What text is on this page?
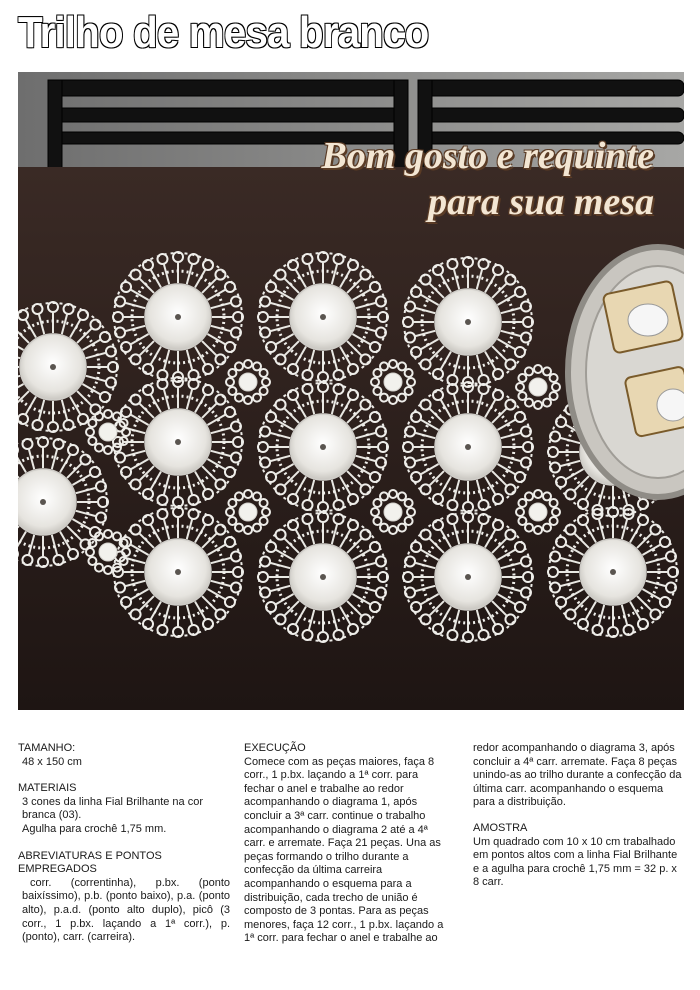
Trilho de mesa branco
Bom gosto e requinte
para sua mesa
TAMANHO:
48 x 150 cm
MATERIAIS
3 cones da linha Fial Brilhante na cor branca (03).
Agulha para crochê 1,75 mm.
ABREVIATURAS E PONTOS
EMPREGADOS
corr. (correntinha), p.bx. (ponto baixíssimo), p.b. (ponto baixo), p.a. (ponto alto), p.a.d. (ponto alto duplo), picô (3 corr., 1 p.bx. laçando a 1ª corr.), p. (ponto), carr. (carreira).
EXECUÇÃO
Comece com as peças maiores, faça 8 corr., 1 p.bx. laçando a 1ª corr. para fechar o anel e trabalhe ao redor acompanhando o diagrama 1, após concluir a 3ª carr. continue o trabalho acompanhando o diagrama 2 até a 4ª carr. e arremate. Faça 21 peças. Una as peças formando o trilho durante a confecção da última carreira acompanhando o esquema para a distribuição, cada trecho de união é composto de 3 pontas. Para as peças menores, faça 12 corr., 1 p.bx. laçando a 1ª corr. para fechar o anel e trabalhe ao
redor acompanhando o diagrama 3, após concluir a 4ª carr. arremate. Faça 8 peças unindo-as ao trilho durante a confecção da última carr. acompanhando o esquema para a distribuição.
AMOSTRA
Um quadrado com 10 x 10 cm trabalhado em pontos altos com a linha Fial Brilhante e a agulha para crochê 1,75 mm = 32 p. x 8 carr.
